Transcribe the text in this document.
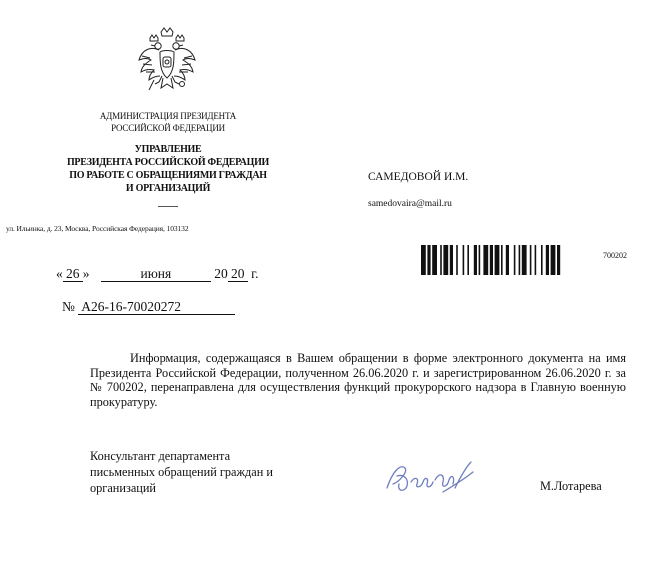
АДМИНИСТРАЦИЯ ПРЕЗИДЕНТА
РОССИЙСКОЙ ФЕДЕРАЦИИ
УПРАВЛЕНИЕ
ПРЕЗИДЕНТА РОССИЙСКОЙ ФЕДЕРАЦИИ
ПО РАБОТЕ С ОБРАЩЕНИЯМИ ГРАЖДАН
И ОРГАНИЗАЦИЙ
ул. Ильинка, д. 23, Москва, Российская Федерация, 103132
САМЕДОВОЙ И.М.
samedovaira@mail.ru
700202
« 26 »	июня	20 20 г.
№ А26-16-70020272

Информация, содержащаяся в Вашем обращении в форме электронного документа на имя Президента Российской Федерации, полученном 26.06.2020 г. и зарегистрированном 26.06.2020 г. за № 700202, перенаправлена для осуществления функций прокурорского надзора в Главную военную прокуратуру.

Консультант департамента
письменных обращений граждан и
организаций	М.Лотарева
